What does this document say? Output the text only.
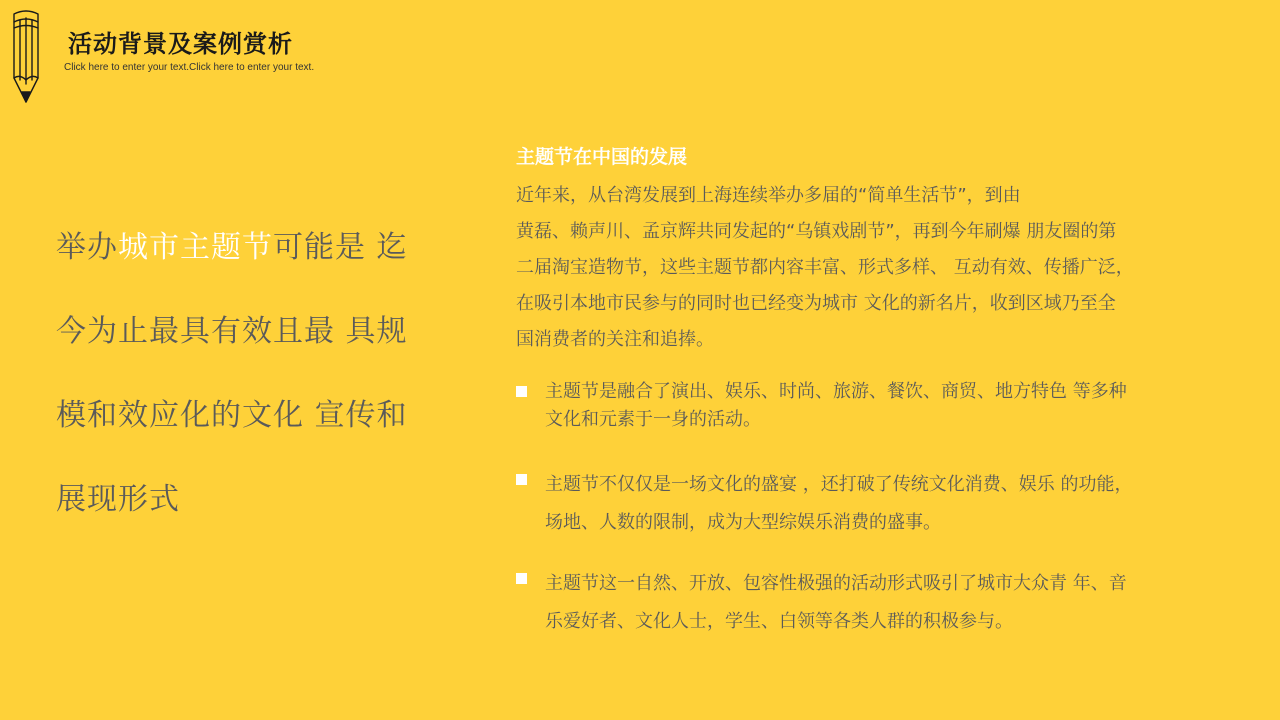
活动背景及案例赏析
Click here to enter your text.Click here to enter your text.
举办城市主题节可能是 迄
今为止最具有效且最 具规
模和效应化的文化 宣传和
展现形式
主题节在中国的发展
近年来，从台湾发展到上海连续举办多届的“简单生活节”，到由
黄磊、赖声川、孟京辉共同发起的“乌镇戏剧节”，再到今年刷爆 朋友圈的第
二届淘宝造物节，这些主题节都内容丰富、形式多样、 互动有效、传播广泛，
在吸引本地市民参与的同时也已经变为城市 文化的新名片，收到区域乃至全
国消费者的关注和追捧。
主题节是融合了演出、娱乐、时尚、旅游、餐饮、商贸、地方特色 等多种
文化和元素于一身的活动。
主题节不仅仅是一场文化的盛宴 ，还打破了传统文化消费、娱乐 的功能，
场地、人数的限制，成为大型综娱乐消费的盛事。
主题节这一自然、开放、包容性极强的活动形式吸引了城市大众青 年、音
乐爱好者、文化人士，学生、白领等各类人群的积极参与。
